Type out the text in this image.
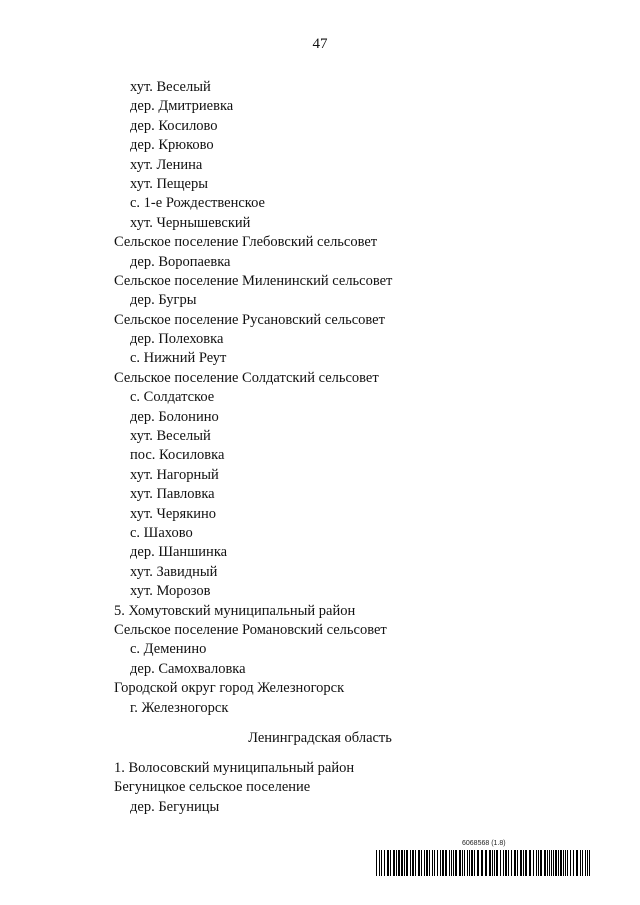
47
хут. Веселый
дер. Дмитриевка
дер. Косилово
дер. Крюково
хут. Ленина
хут. Пещеры
с. 1-е Рождественское
хут. Чернышевский
Сельское поселение Глебовский сельсовет
дер. Воропаевка
Сельское поселение Миленинский сельсовет
дер. Бугры
Сельское поселение Русановский сельсовет
дер. Полеховка
с. Нижний Реут
Сельское поселение Солдатский сельсовет
с. Солдатское
дер. Болонино
хут. Веселый
пос. Косиловка
хут. Нагорный
хут. Павловка
хут. Черякино
с. Шахово
дер. Шаншинка
хут. Завидный
хут. Морозов
5. Хомутовский муниципальный район
Сельское поселение Романовский сельсовет
с. Деменино
дер. Самохваловка
Городской округ город Железногорск
г. Железногорск
Ленинградская область
1. Волосовский муниципальный район
Бегуницкое сельское поселение
дер. Бегуницы
6068568 (1.8)
